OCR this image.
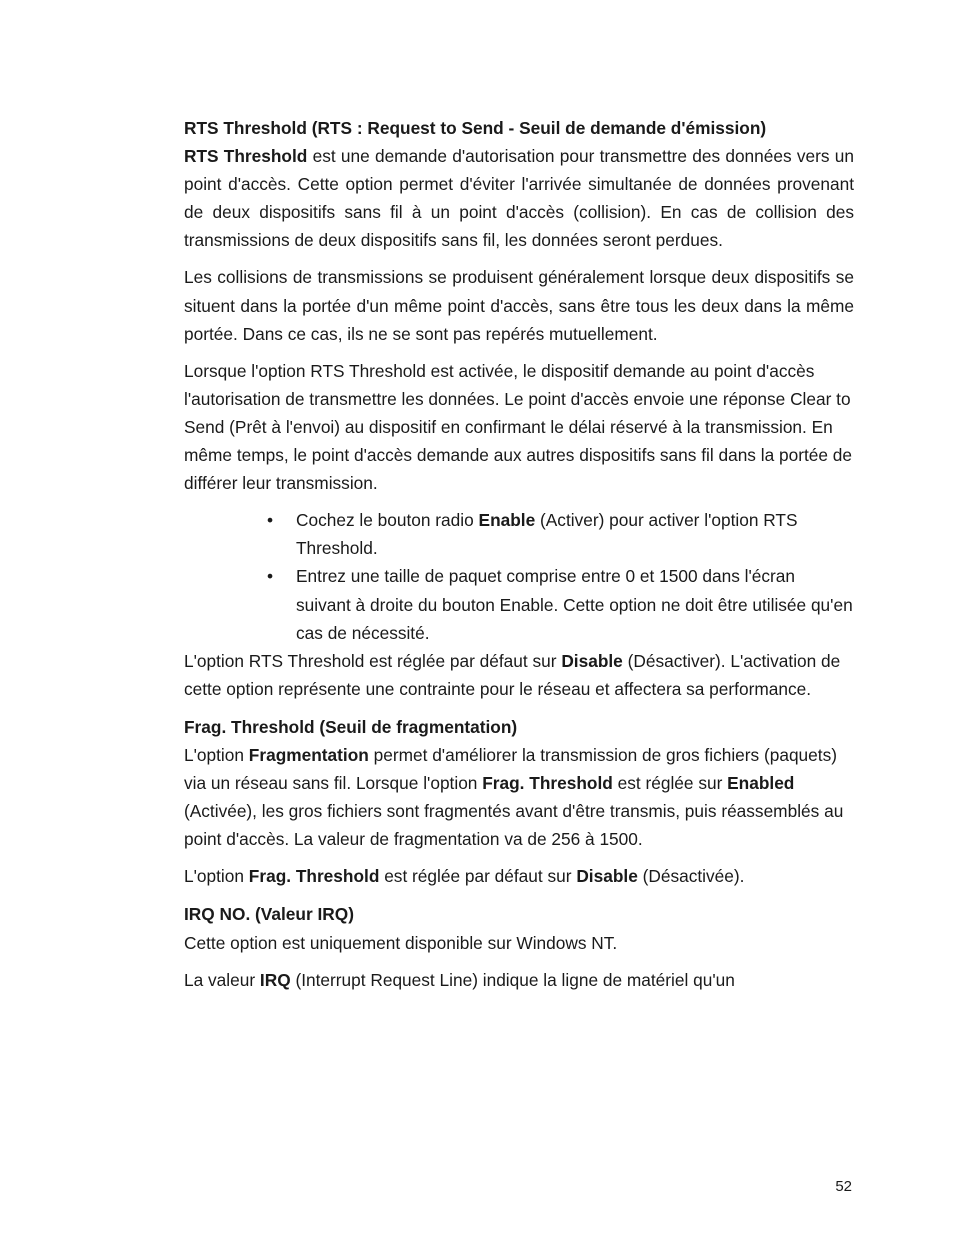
RTS Threshold (RTS : Request to Send - Seuil de demande d'émission)

RTS Threshold est une demande d'autorisation pour transmettre des données vers un point d'accès. Cette option permet d'éviter l'arrivée simultanée de données provenant de deux dispositifs sans fil à un point d'accès (collision). En cas de collision des transmissions de deux dispositifs sans fil, les données seront perdues.

Les collisions de transmissions se produisent généralement lorsque deux dispositifs se situent dans la portée d'un même point d'accès, sans être tous les deux dans la même portée. Dans ce cas, ils ne se sont pas repérés mutuellement.

Lorsque l'option RTS Threshold est activée, le dispositif demande au point d'accès l'autorisation de transmettre les données. Le point d'accès envoie une réponse Clear to Send (Prêt à l'envoi) au dispositif en confirmant le délai réservé à la transmission. En même temps, le point d'accès demande aux autres dispositifs sans fil dans la portée de différer leur transmission.

• Cochez le bouton radio Enable (Activer) pour activer l'option RTS Threshold.
• Entrez une taille de paquet comprise entre 0 et 1500 dans l'écran suivant à droite du bouton Enable. Cette option ne doit être utilisée qu'en cas de nécessité.

L'option RTS Threshold est réglée par défaut sur Disable (Désactiver). L'activation de cette option représente une contrainte pour le réseau et affectera sa performance.

Frag. Threshold (Seuil de fragmentation)

L'option Fragmentation permet d'améliorer la transmission de gros fichiers (paquets) via un réseau sans fil. Lorsque l'option Frag. Threshold est réglée sur Enabled (Activée), les gros fichiers sont fragmentés avant d'être transmis, puis réassemblés au point d'accès. La valeur de fragmentation va de 256 à 1500.

L'option Frag. Threshold est réglée par défaut sur Disable (Désactivée).

IRQ NO. (Valeur IRQ)

Cette option est uniquement disponible sur Windows NT.

La valeur IRQ (Interrupt Request Line) indique la ligne de matériel qu'un

52
